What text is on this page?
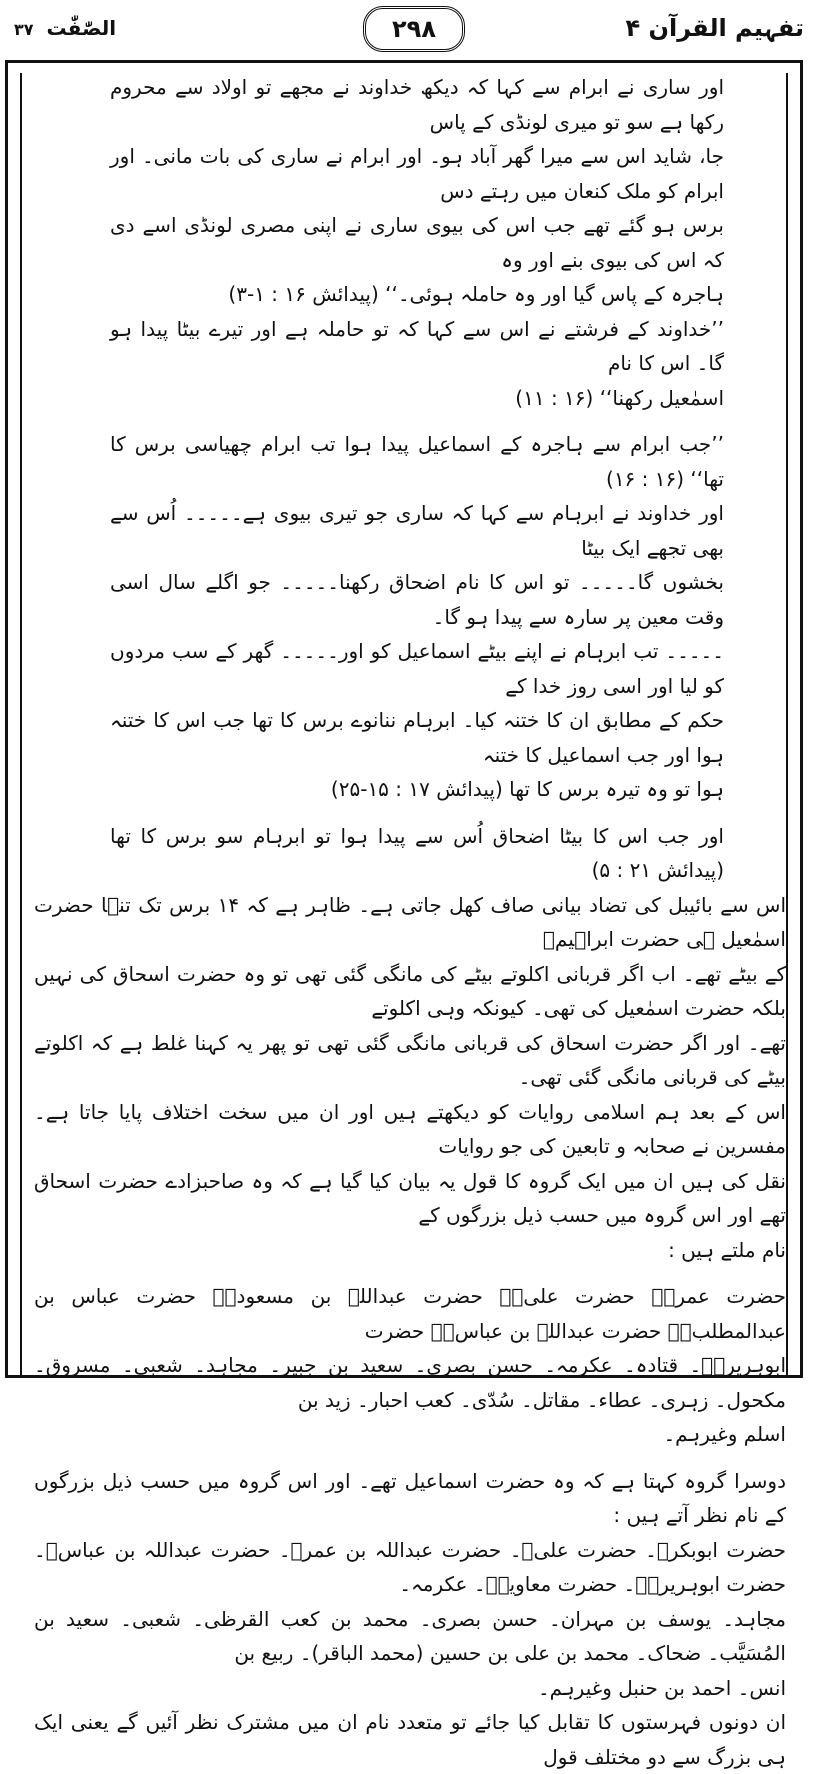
تفہیم القرآن ۴
۲۹۸
الصّٰفّٰت ۳۷

اور ساری نے ابرام سے کہا کہ دیکھ خداوند نے مجھے تو اولاد سے محروم رکھا ہے سو تو میری لونڈی کے پاس

جا، شاید اس سے میرا گھر آباد ہو۔ اور ابرام نے ساری کی بات مانی۔ اور ابرام کو ملک کنعان میں رہتے دس

برس ہو گئے تھے جب اس کی بیوی ساری نے اپنی مصری لونڈی اسے دی کہ اس کی بیوی بنے اور وہ

ہاجرہ کے پاس گیا اور وہ حاملہ ہوئی۔‘‘ (پیدائش ۱۶ : ۱-۳)

’’خداوند کے فرشتے نے اس سے کہا کہ تو حاملہ ہے اور تیرے بیٹا پیدا ہو گا۔ اس کا نام

اسمٰعیل رکھنا‘‘ (۱۶ : ۱۱)

’’جب ابرام سے ہاجرہ کے اسماعیل پیدا ہوا تب ابرام چھیاسی برس کا تھا‘‘ (۱۶ : ۱۶)

اور خداوند نے ابرہام سے کہا کہ ساری جو تیری بیوی ہے۔۔۔۔۔ اُس سے بھی تجھے ایک بیٹا

بخشوں گا۔۔۔۔۔ تو اس کا نام اضحاق رکھنا۔۔۔۔۔ جو اگلے سال اسی وقت معین پر سارہ سے پیدا ہو گا۔

۔۔۔۔۔ تب ابرہام نے اپنے بیٹے اسماعیل کو اور۔۔۔۔۔ گھر کے سب مردوں کو لیا اور اسی روز خدا کے

حکم کے مطابق ان کا ختنہ کیا۔ ابرہام ننانوے برس کا تھا جب اس کا ختنہ ہوا اور جب اسماعیل کا ختنہ

ہوا تو وہ تیرہ برس کا تھا (پیدائش ۱۷ : ۱۵-۲۵)

اور جب اس کا بیٹا اضحاق اُس سے پیدا ہوا تو ابرہام سو برس کا تھا (پیدائش ۲۱ : ۵)

اس سے بائیبل کی تضاد بیانی صاف کھل جاتی ہے۔ ظاہر ہے کہ ۱۴ برس تک تنہا حضرت اسمٰعیل ہی حضرت ابراہیمؑ

کے بیٹے تھے۔ اب اگر قربانی اکلوتے بیٹے کی مانگی گئی تھی تو وہ حضرت اسحاق کی نہیں بلکہ حضرت اسمٰعیل کی تھی۔ کیونکہ وہی اکلوتے

تھے۔ اور اگر حضرت اسحاق کی قربانی مانگی گئی تھی تو پھر یہ کہنا غلط ہے کہ اکلوتے بیٹے کی قربانی مانگی گئی تھی۔

اس کے بعد ہم اسلامی روایات کو دیکھتے ہیں اور ان میں سخت اختلاف پایا جاتا ہے۔ مفسرین نے صحابہ و تابعین کی جو روایات

نقل کی ہیں ان میں ایک گروہ کا قول یہ بیان کیا گیا ہے کہ وہ صاحبزادے حضرت اسحاق تھے اور اس گروہ میں حسب ذیل بزرگوں کے

نام ملتے ہیں :

حضرت عمرؓ۔ حضرت علیؓ۔ حضرت عبداللہ بن مسعودؓ۔ حضرت عباس بن عبدالمطلبؓ۔ حضرت عبداللہ بن عباسؓ۔ حضرت

ابوہریرہؓ۔ قتادہ۔ عکرمہ۔ حسن بصری۔ سعید بن جبیر۔ مجاہد۔ شعبی۔ مسروق۔ مکحول۔ زہری۔ عطاء۔ مقاتل۔ سُدّی۔ کعب احبار۔ زید بن

اسلم وغیرہم۔

دوسرا گروہ کہتا ہے کہ وہ حضرت اسماعیل تھے۔ اور اس گروہ میں حسب ذیل بزرگوں کے نام نظر آتے ہیں :

حضرت ابوبکرؓ۔ حضرت علیؓ۔ حضرت عبداللہ بن عمرؓ۔ حضرت عبداللہ بن عباسؓ۔ حضرت ابوہریرہؓ۔ حضرت معاویہؓ۔ عکرمہ۔

مجاہد۔ یوسف بن مہران۔ حسن بصری۔ محمد بن کعب القرظی۔ شعبی۔ سعید بن المُسَیَّب۔ ضحاک۔ محمد بن علی بن حسین (محمد الباقر)۔ ربیع بن

انس۔ احمد بن حنبل وغیرہم۔

ان دونوں فہرستوں کا تقابل کیا جائے تو متعدد نام ان میں مشترک نظر آئیں گے یعنی ایک ہی بزرگ سے دو مختلف قول
